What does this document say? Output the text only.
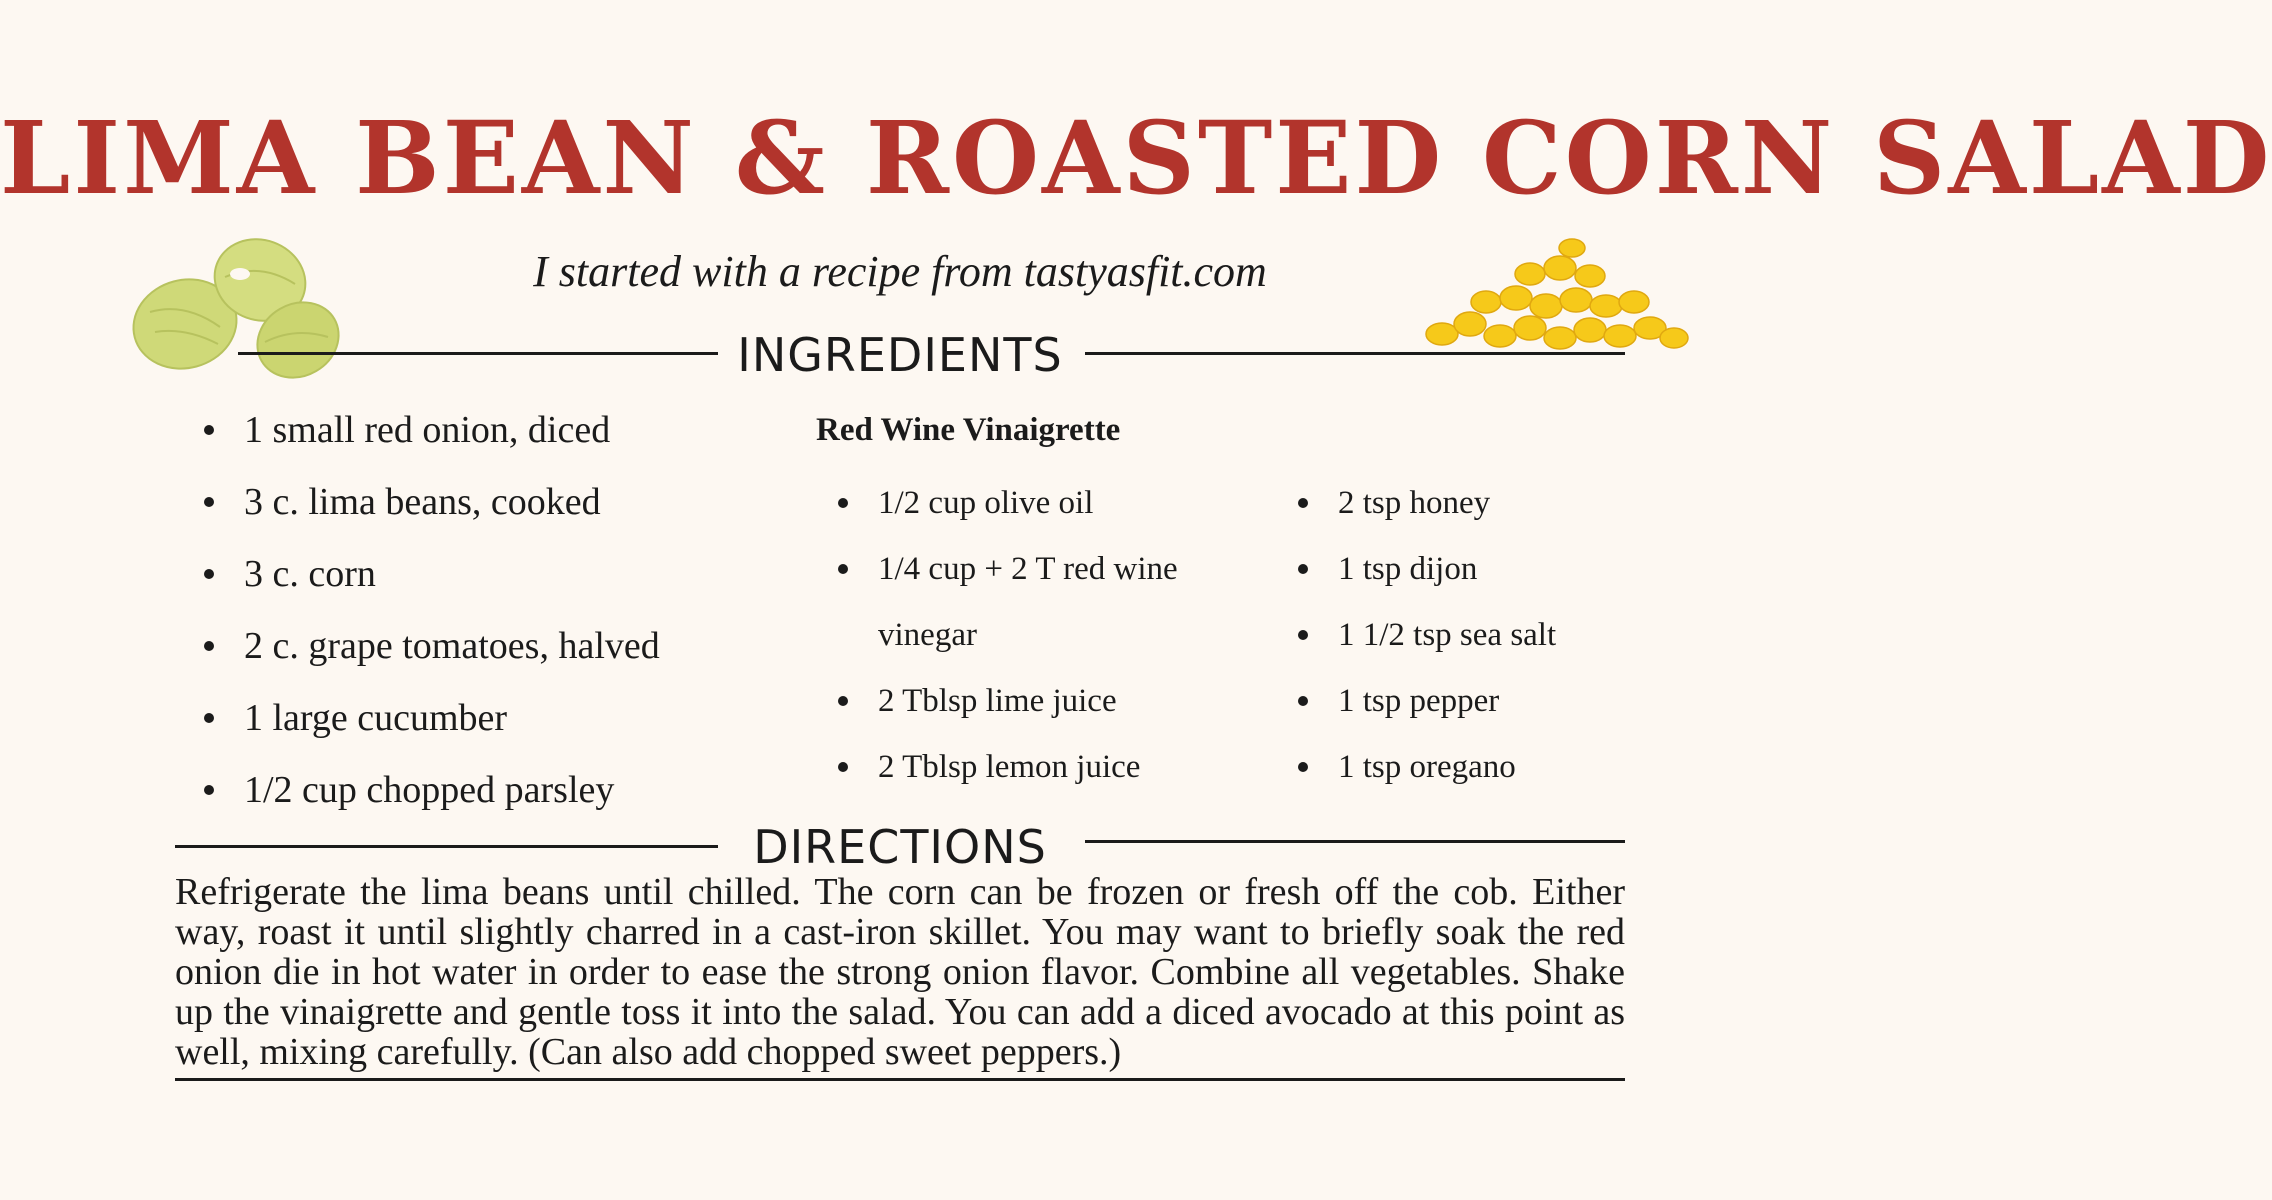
LIMA BEAN & ROASTED CORN SALAD
I started with a recipe from tastyasfit.com
INGREDIENTS
1 small red onion, diced
3 c. lima beans, cooked
3 c. corn
2 c. grape tomatoes, halved
1 large cucumber
1/2 cup chopped parsley
Red Wine Vinaigrette
1/2 cup olive oil
1/4 cup + 2 T red wine vinegar
2 Tblsp lime juice
2 Tblsp lemon juice
2 tsp honey
1 tsp dijon
1 1/2 tsp sea salt
1 tsp pepper
1 tsp oregano
DIRECTIONS
Refrigerate the lima beans until chilled. The corn can be frozen or fresh off the cob. Either way, roast it until slightly charred in a cast-iron skillet. You may want to briefly soak the red onion die in hot water in order to ease the strong onion flavor. Combine all vegetables. Shake up the vinaigrette and gentle toss it into the salad. You can add a diced avocado at this point as well, mixing carefully. (Can also add chopped sweet peppers.)
